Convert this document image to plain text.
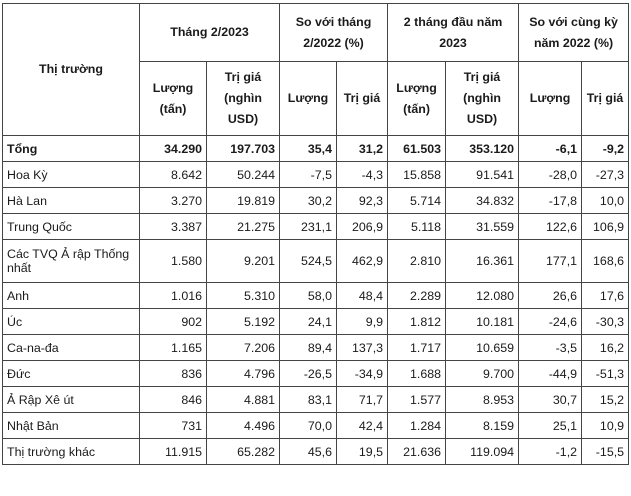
Thị trường	Tháng 2/2023		So với tháng 2/2022 (%)		2 tháng đầu năm 2023		So với cùng kỳ năm 2022 (%)	
	Lượng (tấn)	Trị giá (nghìn USD)	Lượng	Trị giá	Lượng (tấn)	Trị giá (nghìn USD)	Lượng	Trị giá
Tổng	34.290	197.703	35,4	31,2	61.503	353.120	-6,1	-9,2
Hoa Kỳ	8.642	50.244	-7,5	-4,3	15.858	91.541	-28,0	-27,3
Hà Lan	3.270	19.819	30,2	92,3	5.714	34.832	-17,8	10,0
Trung Quốc	3.387	21.275	231,1	206,9	5.118	31.559	122,6	106,9
Các TVQ Ả rập Thống nhất	1.580	9.201	524,5	462,9	2.810	16.361	177,1	168,6
Anh	1.016	5.310	58,0	48,4	2.289	12.080	26,6	17,6
Úc	902	5.192	24,1	9,9	1.812	10.181	-24,6	-30,3
Ca-na-đa	1.165	7.206	89,4	137,3	1.717	10.659	-3,5	16,2
Đức	836	4.796	-26,5	-34,9	1.688	9.700	-44,9	-51,3
Ả Rập Xê út	846	4.881	83,1	71,7	1.577	8.953	30,7	15,2
Nhật Bản	731	4.496	70,0	42,4	1.284	8.159	25,1	10,9
Thị trường khác	11.915	65.282	45,6	19,5	21.636	119.094	-1,2	-15,5
